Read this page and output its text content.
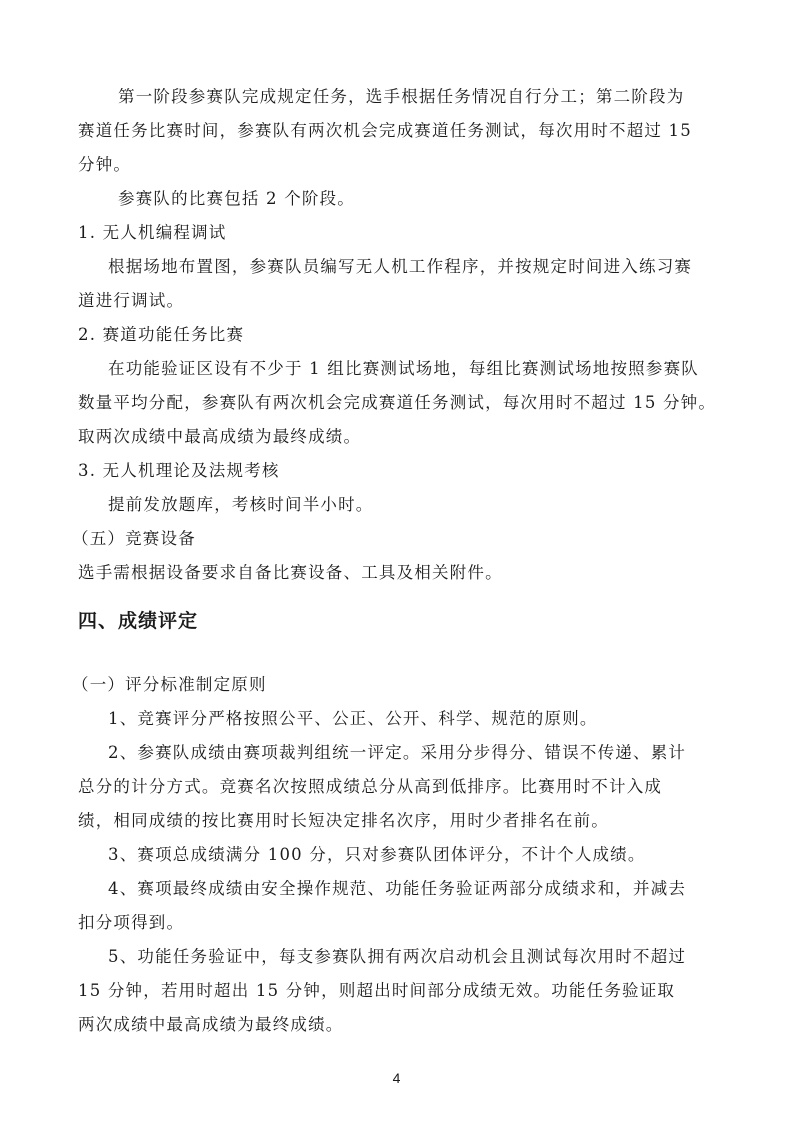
第一阶段参赛队完成规定任务，选手根据任务情况自行分工；第二阶段为
赛道任务比赛时间，参赛队有两次机会完成赛道任务测试，每次用时不超过 15
分钟。
参赛队的比赛包括 2 个阶段。
1. 无人机编程调试
根据场地布置图，参赛队员编写无人机工作程序，并按规定时间进入练习赛
道进行调试。
2. 赛道功能任务比赛
在功能验证区设有不少于 1 组比赛测试场地，每组比赛测试场地按照参赛队
数量平均分配，参赛队有两次机会完成赛道任务测试，每次用时不超过 15 分钟。
取两次成绩中最高成绩为最终成绩。
3. 无人机理论及法规考核
提前发放题库，考核时间半小时。
（五）竞赛设备
选手需根据设备要求自备比赛设备、工具及相关附件。
四、成绩评定
（一）评分标准制定原则
1、竞赛评分严格按照公平、公正、公开、科学、规范的原则。
2、参赛队成绩由赛项裁判组统一评定。采用分步得分、错误不传递、累计
总分的计分方式。竞赛名次按照成绩总分从高到低排序。比赛用时不计入成
绩，相同成绩的按比赛用时长短决定排名次序，用时少者排名在前。
3、赛项总成绩满分 100 分，只对参赛队团体评分，不计个人成绩。
4、赛项最终成绩由安全操作规范、功能任务验证两部分成绩求和，并减去
扣分项得到。
5、功能任务验证中，每支参赛队拥有两次启动机会且测试每次用时不超过
15 分钟，若用时超出 15 分钟，则超出时间部分成绩无效。功能任务验证取
两次成绩中最高成绩为最终成绩。
4
